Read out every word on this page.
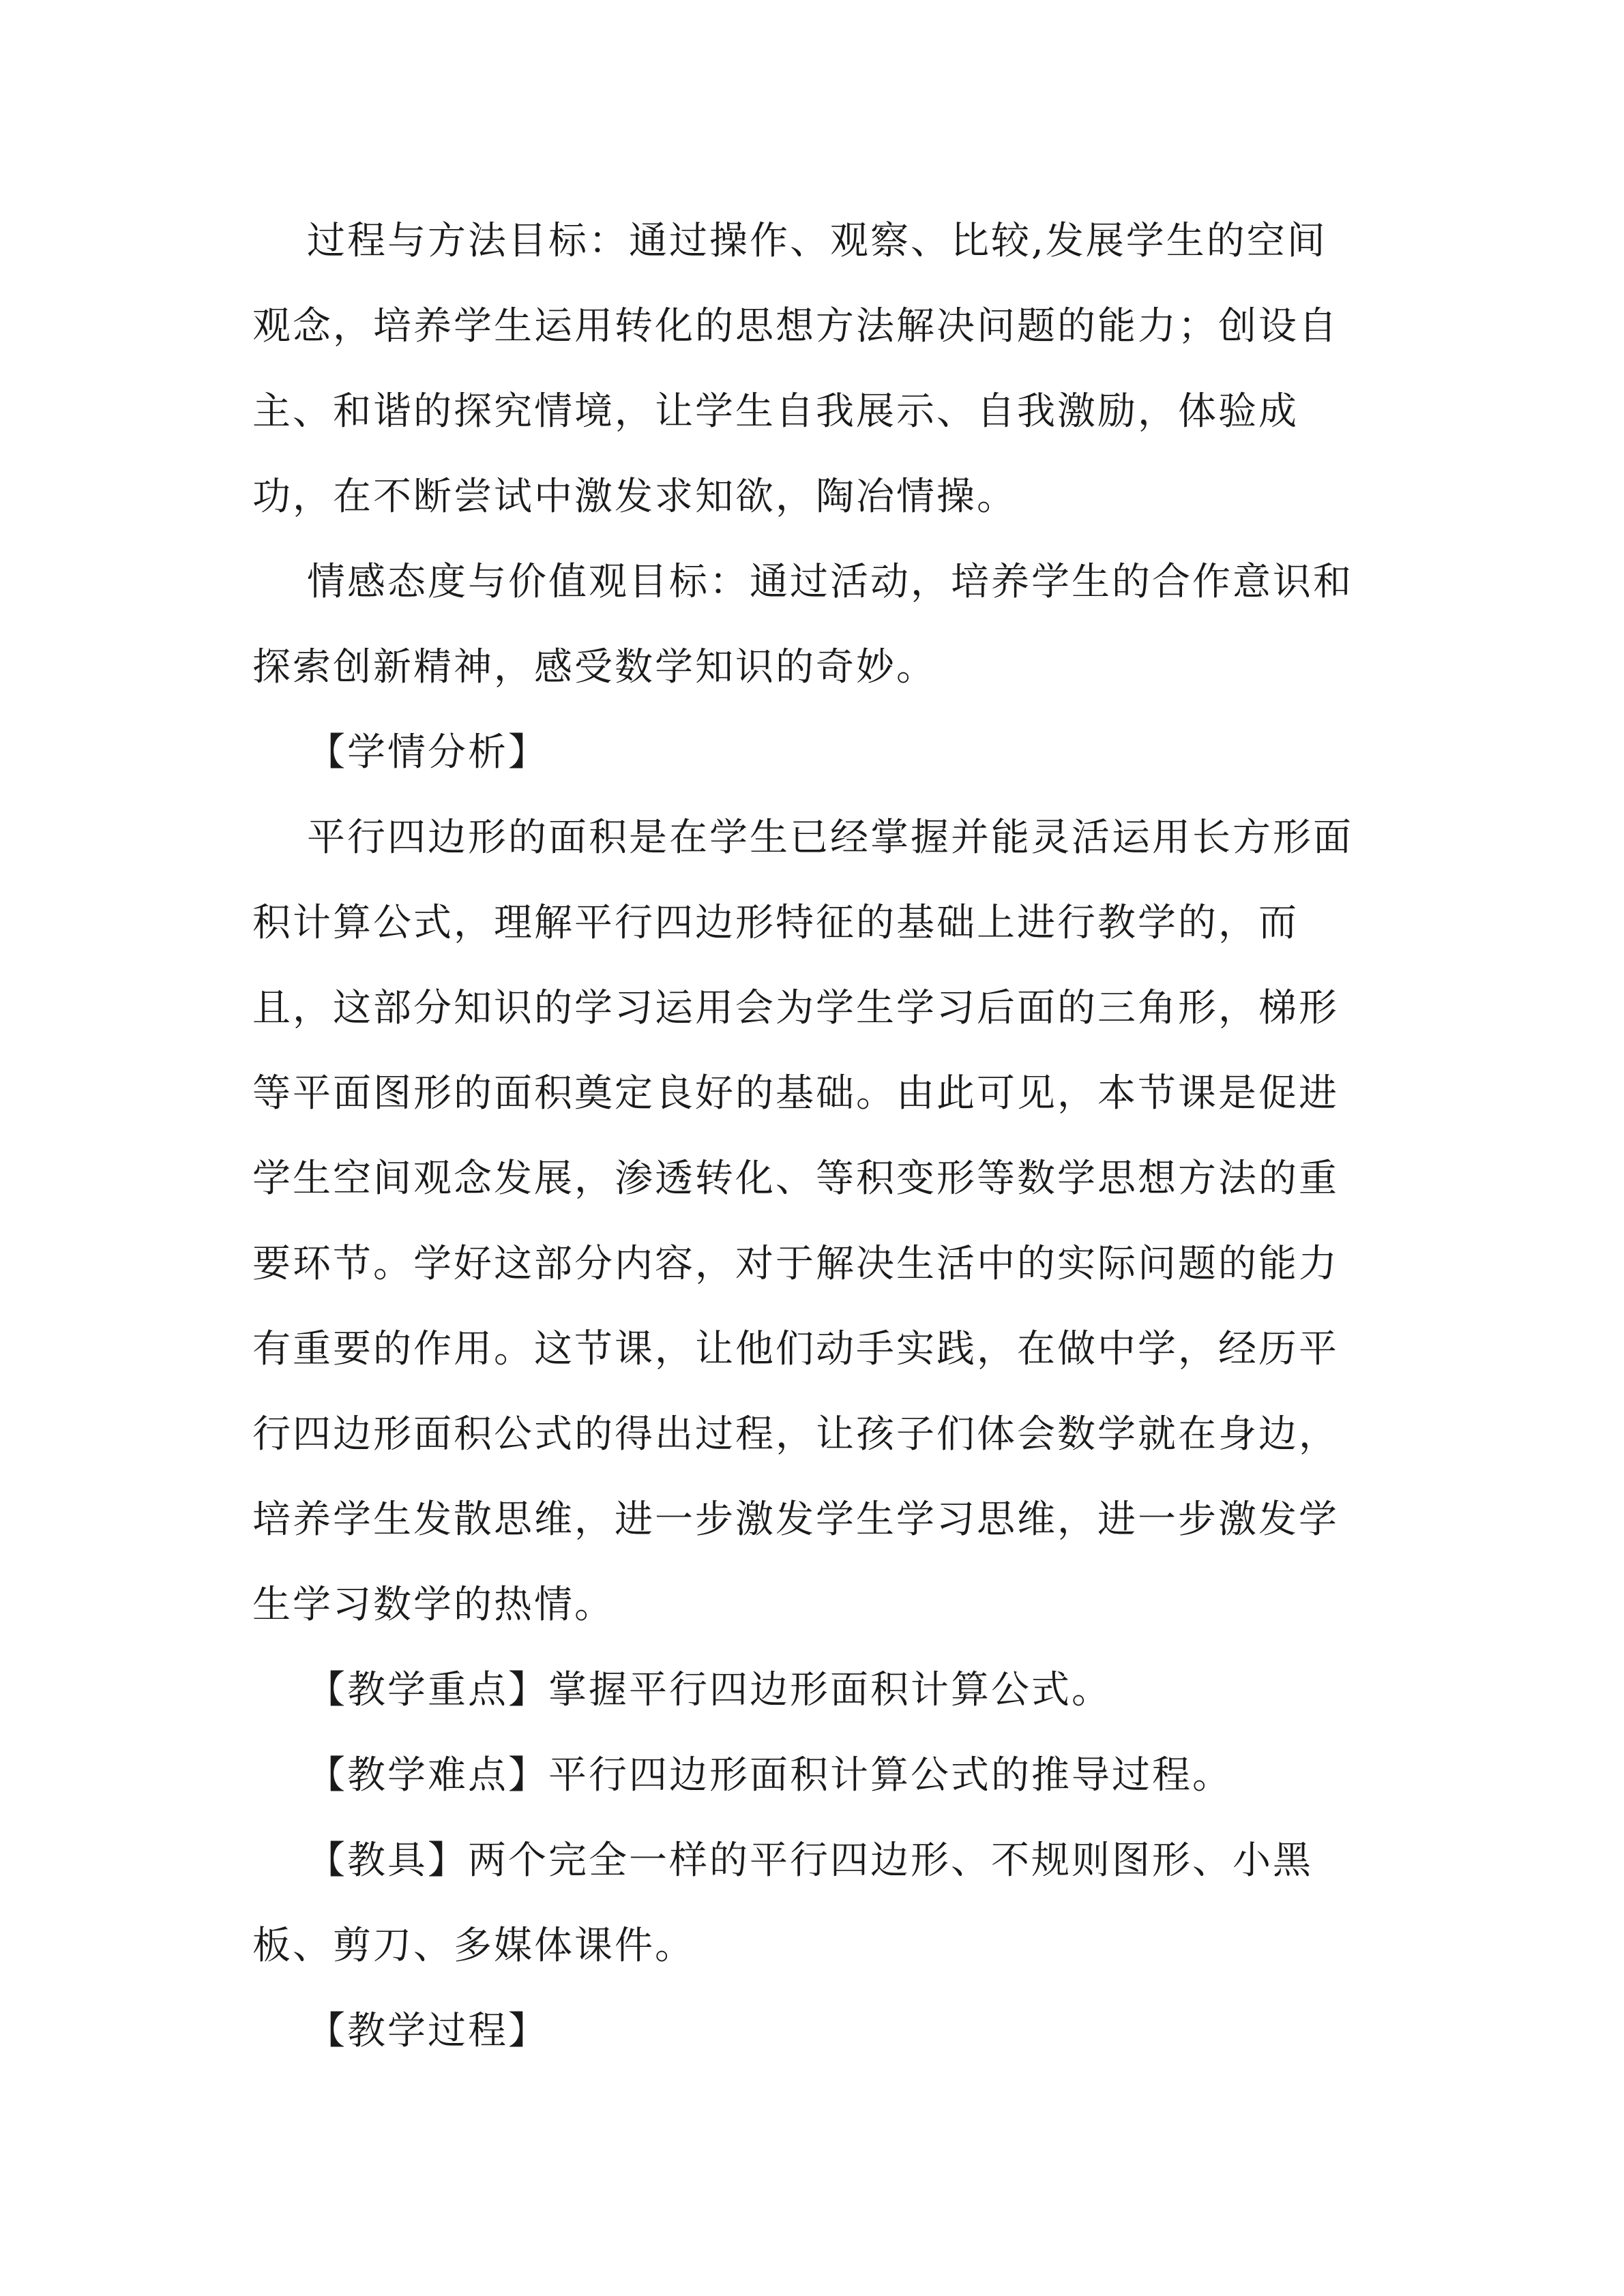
过程与方法目标：通过操作、观察、比较,发展学生的空间

观念，培养学生运用转化的思想方法解决问题的能力；创设自

主、和谐的探究情境，让学生自我展示、自我激励，体验成

功，在不断尝试中激发求知欲，陶冶情操。

情感态度与价值观目标：通过活动，培养学生的合作意识和

探索创新精神，感受数学知识的奇妙。

【学情分析】

平行四边形的面积是在学生已经掌握并能灵活运用长方形面

积计算公式，理解平行四边形特征的基础上进行教学的，而

且，这部分知识的学习运用会为学生学习后面的三角形，梯形

等平面图形的面积奠定良好的基础。由此可见，本节课是促进

学生空间观念发展，渗透转化、等积变形等数学思想方法的重

要环节。学好这部分内容，对于解决生活中的实际问题的能力

有重要的作用。这节课，让他们动手实践，在做中学，经历平

行四边形面积公式的得出过程，让孩子们体会数学就在身边，

培养学生发散思维，进一步激发学生学习思维，进一步激发学

生学习数学的热情。

【教学重点】掌握平行四边形面积计算公式。

【教学难点】平行四边形面积计算公式的推导过程。

【教具】两个完全一样的平行四边形、不规则图形、小黑

板、剪刀、多媒体课件。

【教学过程】
